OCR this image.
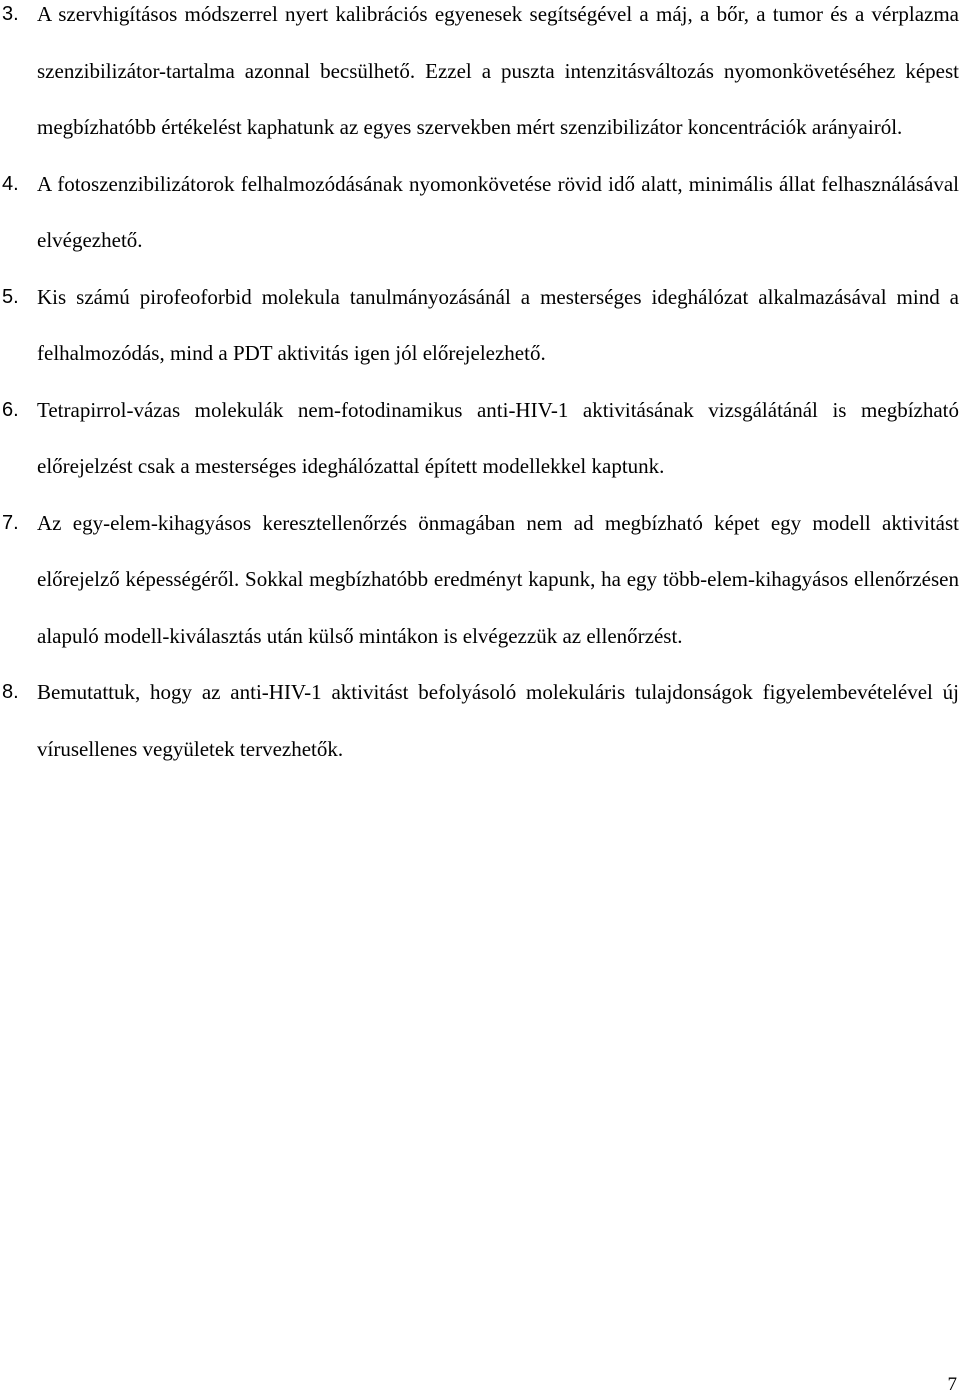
3. A szervhigításos módszerrel nyert kalibrációs egyenesek segítségével a máj, a bőr, a tumor és a vérplazma szenzibilizátor-tartalma azonnal becsülhető. Ezzel a puszta intenzitásváltozás nyomonkövetéséhez képest megbízhatóbb értékelést kaphatunk az egyes szervekben mért szenzibilizátor koncentrációk arányairól.
4. A fotoszenzibilizátorok felhalmozódásának nyomonkövetése rövid idő alatt, minimális állat felhasználásával elvégezhető.
5. Kis számú pirofeoforbid molekula tanulmányozásánál a mesterséges ideghálózat alkalmazásával mind a felhalmozódás, mind a PDT aktivitás igen jól előrejelezhető.
6. Tetrapirrol-vázas molekulák nem-fotodinamikus anti-HIV-1 aktivitásának vizsgálátánál is megbízható előrejelzést csak a mesterséges ideghálózattal épített modellekkel kaptunk.
7. Az egy-elem-kihagyásos keresztellenőrzés önmagában nem ad megbízható képet egy modell aktivitást előrejelző képességéről. Sokkal megbízhatóbb eredményt kapunk, ha egy több-elem-kihagyásos ellenőrzésen alapuló modell-kiválasztás után külső mintákon is elvégezzük az ellenőrzést.
8. Bemutattuk, hogy az anti-HIV-1 aktivitást befolyásoló molekuláris tulajdonságok figyelembevételével új vírusellenes vegyületek tervezhetők.
7
